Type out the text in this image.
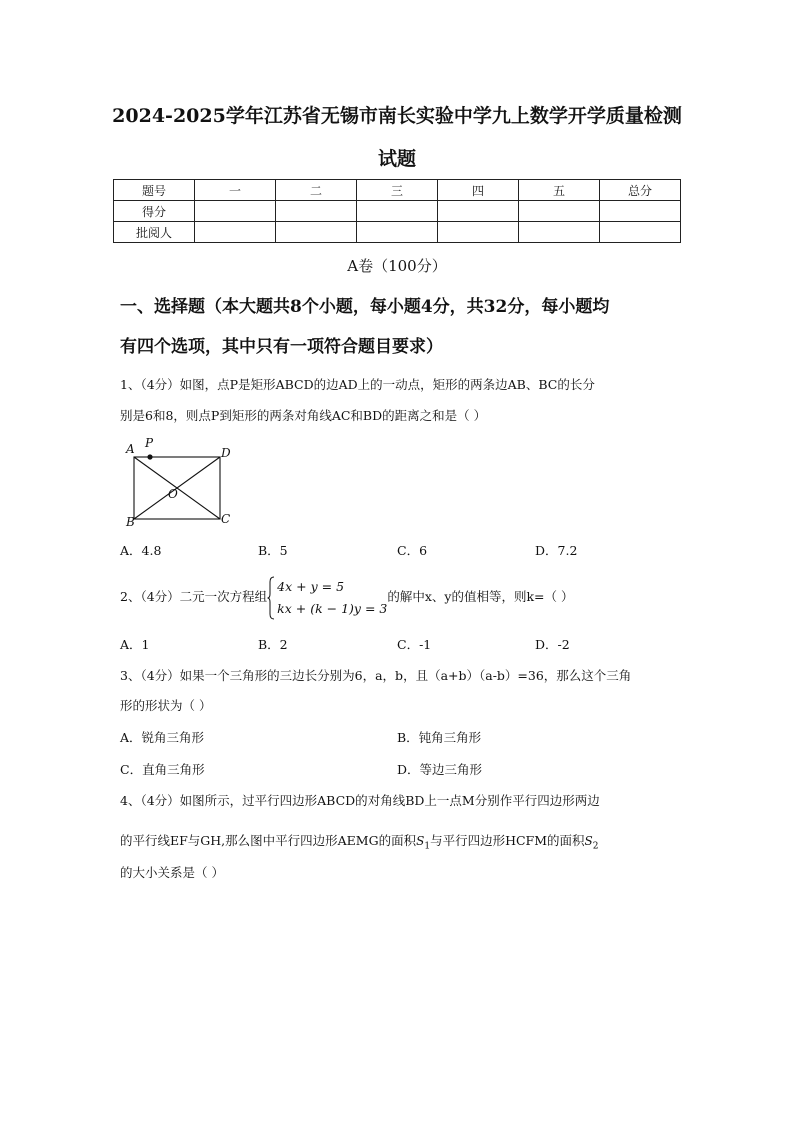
2024-2025学年江苏省无锡市南长实验中学九上数学开学质量检测
试题
题号	一	二	三	四	五	总分
得分						
批阅人						
A卷（100分）
一、选择题（本大题共8个小题，每小题4分，共32分，每小题均
有四个选项，其中只有一项符合题目要求）
1、（4分）如图，点P是矩形ABCD的边AD上的一动点，矩形的两条边AB、BC的长分
别是6和8，则点P到矩形的两条对角线AC和BD的距离之和是（ ）
A P
D
O
B	C
A．4.8	B．5	C．6	D．7.2
2、（4分）二元一次方程组
4x + y = 5
kx + (k − 1)y = 3
的解中x、y的值相等，则k=（ ）
A．1	B．2	C．-1	D．-2
3、（4分）如果一个三角形的三边长分别为6，a，b，且（a+b）（a-b）=36，那么这个三角
形的形状为（ ）
A．锐角三角形	B．钝角三角形
C．直角三角形	D．等边三角形
4、（4分）如图所示，过平行四边形ABCD的对角线BD上一点M分别作平行四边形两边
的平行线EF与GH,那么图中平行四边形AEMG的面积$S_1$与平行四边形HCFM的面积$S_2$
的大小关系是（ ）
